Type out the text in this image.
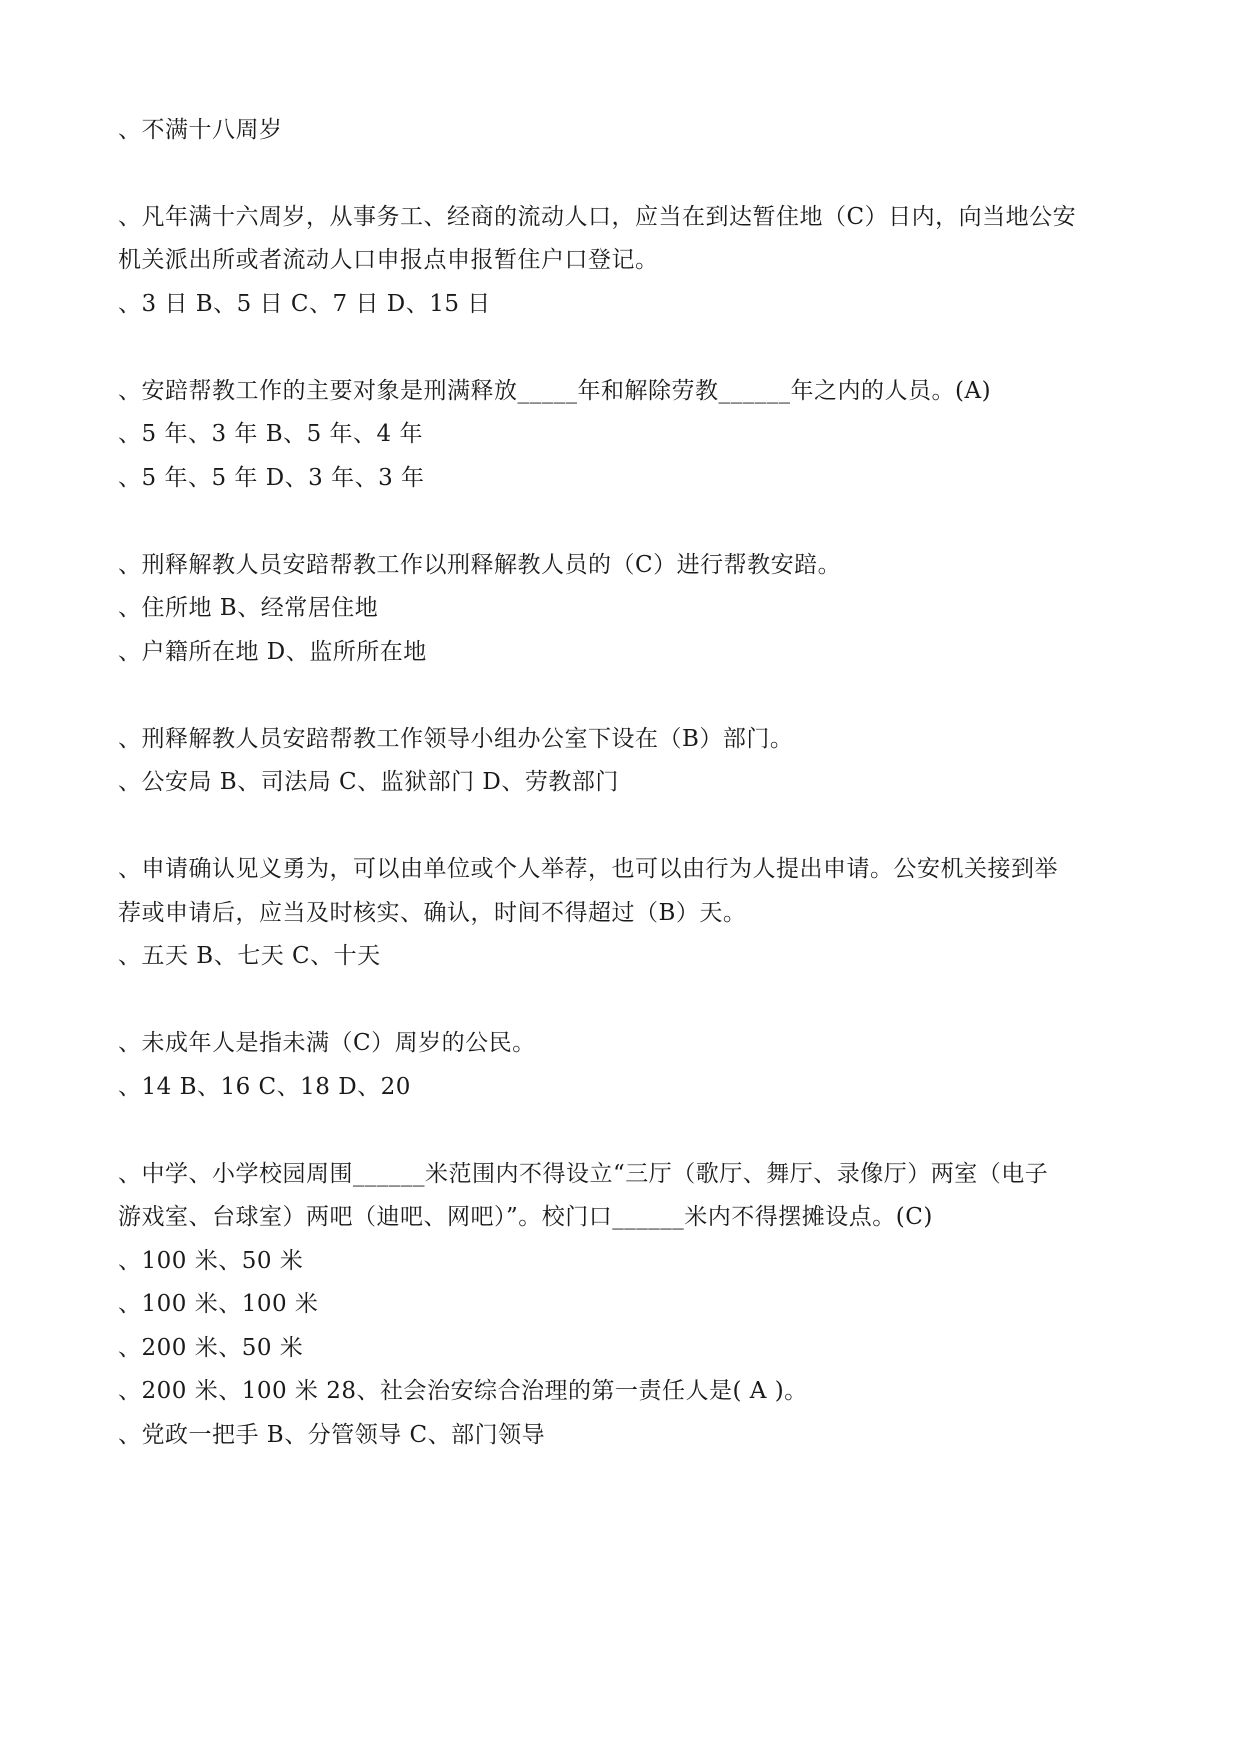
、不满十八周岁
、凡年满十六周岁，从事务工、经商的流动人口，应当在到达暂住地（C）日内，向当地公安
机关派出所或者流动人口申报点申报暂住户口登记。
、3 日 B、5 日 C、7 日 D、15 日
、安踣帮教工作的主要对象是刑满释放_____年和解除劳教______年之内的人员。(A)
、5 年、3 年 B、5 年、4 年
、5 年、5 年 D、3 年、3 年
、刑释解教人员安踣帮教工作以刑释解教人员的（C）进行帮教安踣。
、住所地 B、经常居住地
、户籍所在地 D、监所所在地
、刑释解教人员安踣帮教工作领导小组办公室下设在（B）部门。
、公安局 B、司法局 C、监狱部门 D、劳教部门
、申请确认见义勇为，可以由单位或个人举荐，也可以由行为人提出申请。公安机关接到举
荐或申请后，应当及时核实、确认，时间不得超过（B）天。
、五天 B、七天 C、十天
、未成年人是指未满（C）周岁的公民。
、14 B、16 C、18 D、20
、中学、小学校园周围______米范围内不得设立“三厅（歌厅、舞厅、录像厅）两室（电子
游戏室、台球室）两吧（迪吧、网吧）”。校门口______米内不得摆摊设点。(C)
、100 米、50 米
、100 米、100 米
、200 米、50 米
、200 米、100 米 28、社会治安综合治理的第一责任人是( A )。
、党政一把手 B、分管领导 C、部门领导
